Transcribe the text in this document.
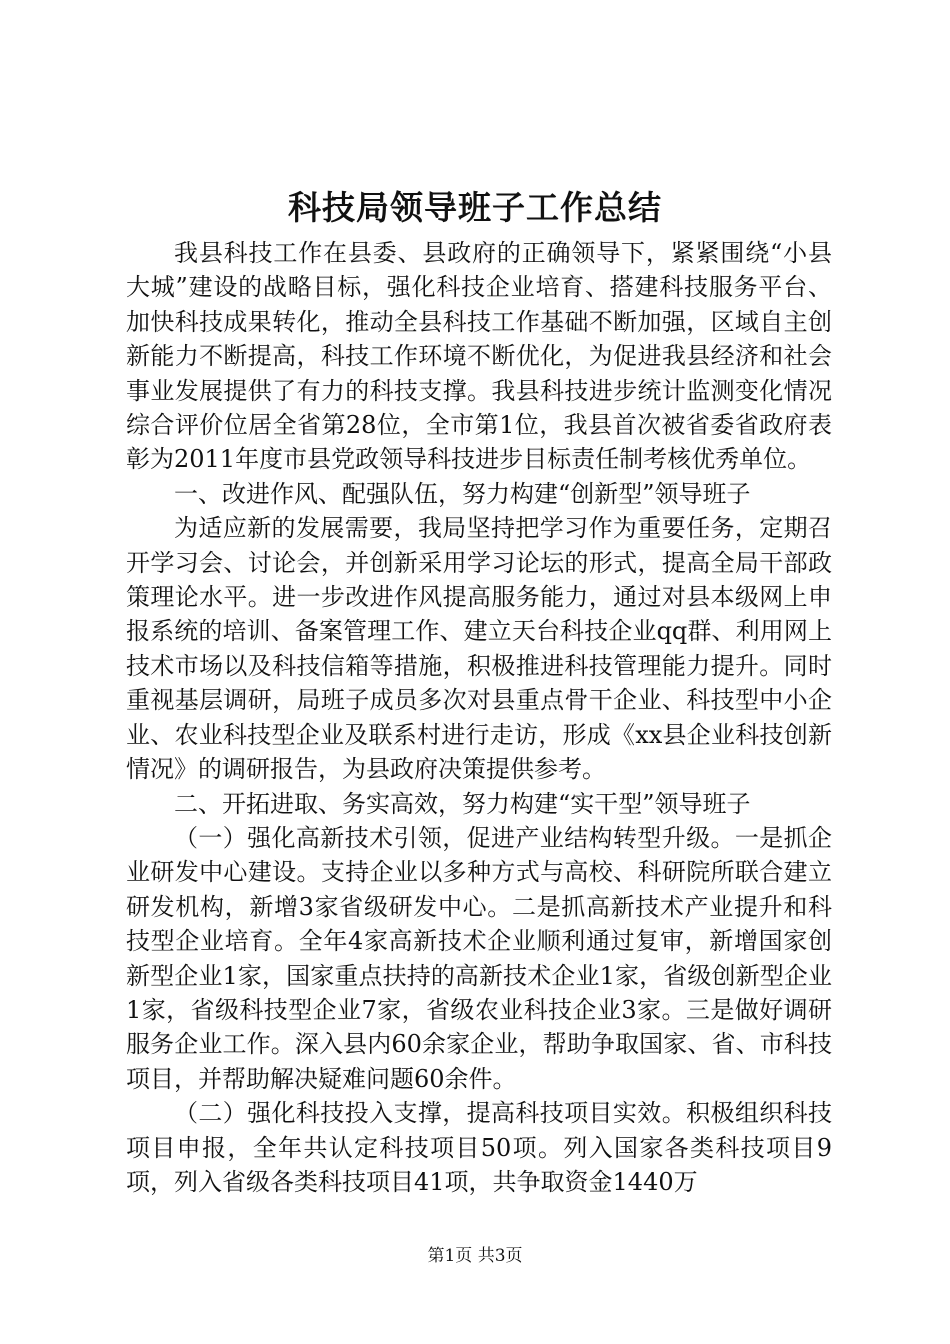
科技局领导班子工作总结

我县科技工作在县委、县政府的正确领导下，紧紧围绕“小县大城”建设的战略目标，强化科技企业培育、搭建科技服务平台、加快科技成果转化，推动全县科技工作基础不断加强，区域自主创新能力不断提高，科技工作环境不断优化，为促进我县经济和社会事业发展提供了有力的科技支撑。我县科技进步统计监测变化情况综合评价位居全省第28位，全市第1位，我县首次被省委省政府表彰为2011年度市县党政领导科技进步目标责任制考核优秀单位。

一、改进作风、配强队伍，努力构建“创新型”领导班子

为适应新的发展需要，我局坚持把学习作为重要任务，定期召开学习会、讨论会，并创新采用学习论坛的形式，提高全局干部政策理论水平。进一步改进作风提高服务能力，通过对县本级网上申报系统的培训、备案管理工作、建立天台科技企业qq群、利用网上技术市场以及科技信箱等措施，积极推进科技管理能力提升。同时重视基层调研，局班子成员多次对县重点骨干企业、科技型中小企业、农业科技型企业及联系村进行走访，形成《xx县企业科技创新情况》的调研报告，为县政府决策提供参考。

二、开拓进取、务实高效，努力构建“实干型”领导班子

（一）强化高新技术引领，促进产业结构转型升级。一是抓企业研发中心建设。支持企业以多种方式与高校、科研院所联合建立研发机构，新增3家省级研发中心。二是抓高新技术产业提升和科技型企业培育。全年4家高新技术企业顺利通过复审，新增国家创新型企业1家，国家重点扶持的高新技术企业1家，省级创新型企业1家，省级科技型企业7家，省级农业科技企业3家。三是做好调研服务企业工作。深入县内60余家企业，帮助争取国家、省、市科技项目，并帮助解决疑难问题60余件。

（二）强化科技投入支撑，提高科技项目实效。积极组织科技项目申报，全年共认定科技项目50项。列入国家各类科技项目9项，列入省级各类科技项目41项，共争取资金1440万

第1页 共3页
